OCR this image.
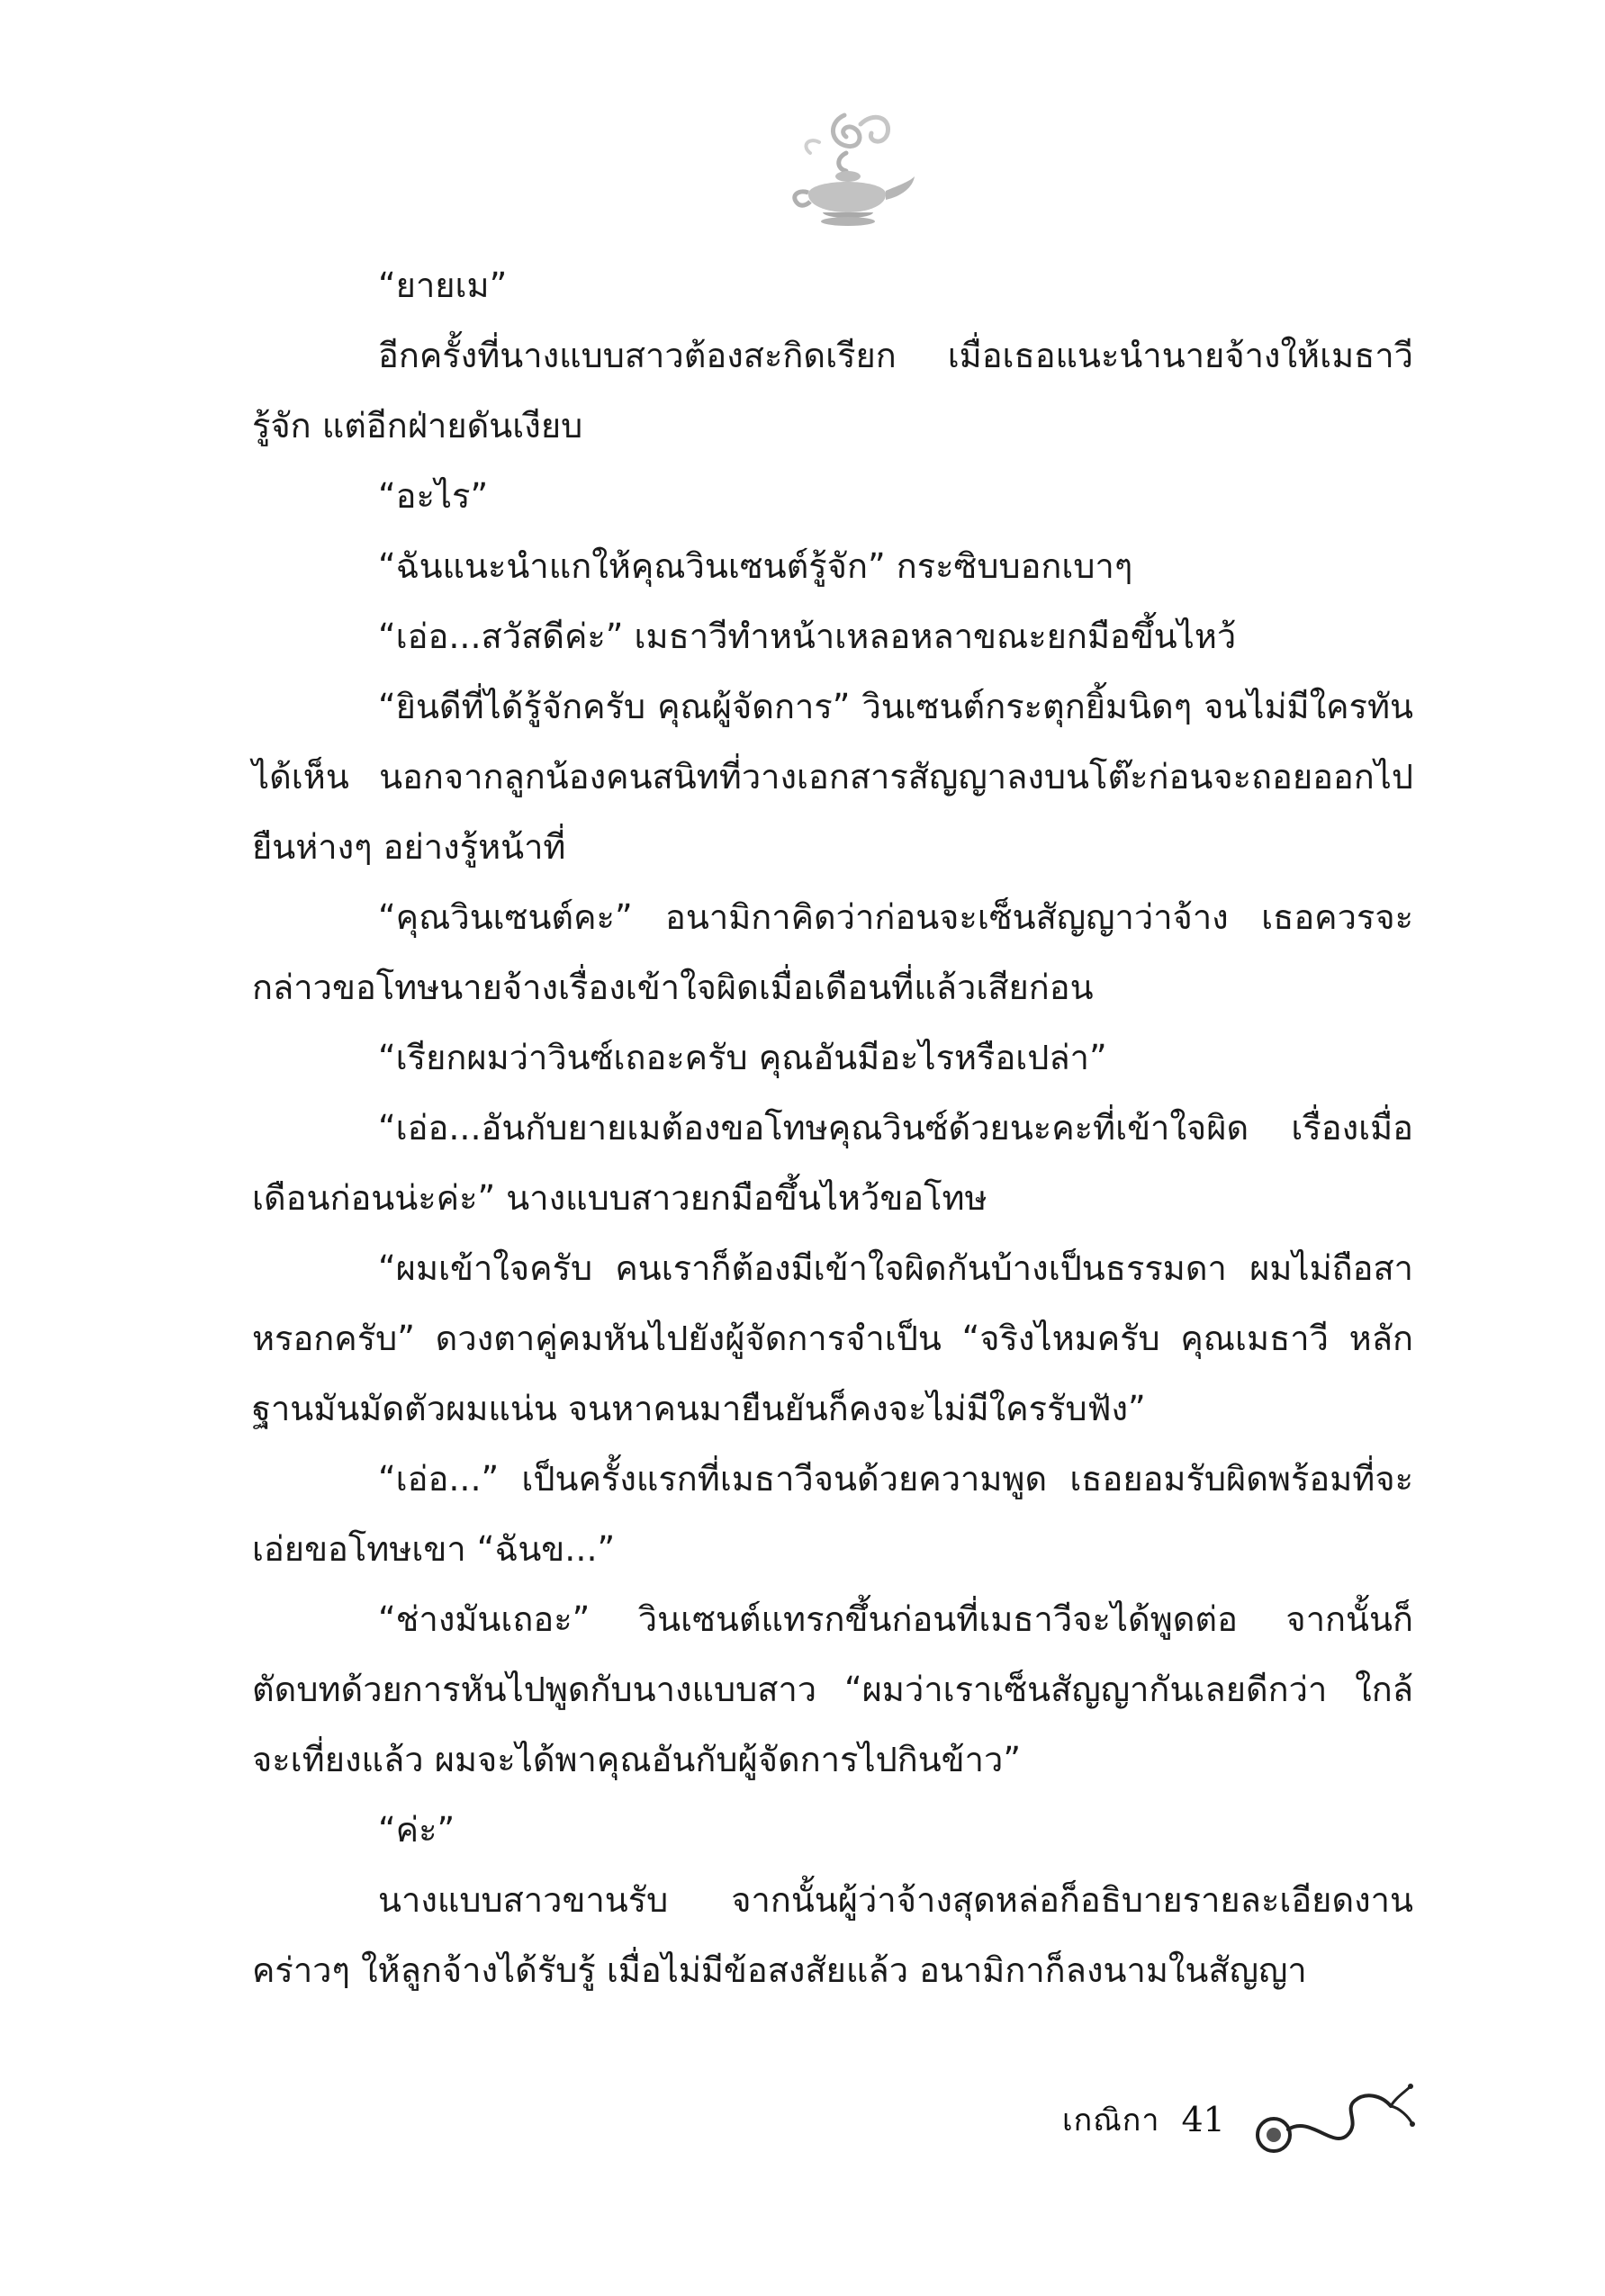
“ยายเม”

อีกครั้งที่นางแบบสาวต้องสะกิดเรียก เมื่อเธอแนะนำนายจ้างให้เมธาวีรู้จัก แต่อีกฝ่ายดันเงียบ

“อะไร”

“ฉันแนะนำแกให้คุณวินเซนต์รู้จัก” กระซิบบอกเบาๆ

“เอ่อ...สวัสดีค่ะ” เมธาวีทำหน้าเหลอหลาขณะยกมือขึ้นไหว้

“ยินดีที่ได้รู้จักครับ คุณผู้จัดการ” วินเซนต์กระตุกยิ้มนิดๆ จนไม่มีใครทันได้เห็น นอกจากลูกน้องคนสนิทที่วางเอกสารสัญญาลงบนโต๊ะก่อนจะถอยออกไปยืนห่างๆ อย่างรู้หน้าที่

“คุณวินเซนต์คะ” อนามิกาคิดว่าก่อนจะเซ็นสัญญาว่าจ้าง เธอควรจะกล่าวขอโทษนายจ้างเรื่องเข้าใจผิดเมื่อเดือนที่แล้วเสียก่อน

“เรียกผมว่าวินซ์เถอะครับ คุณอันมีอะไรหรือเปล่า”

“เอ่อ...อันกับยายเมต้องขอโทษคุณวินซ์ด้วยนะคะที่เข้าใจผิด เรื่องเมื่อเดือนก่อนน่ะค่ะ” นางแบบสาวยกมือขึ้นไหว้ขอโทษ

“ผมเข้าใจครับ คนเราก็ต้องมีเข้าใจผิดกันบ้างเป็นธรรมดา ผมไม่ถือสาหรอกครับ” ดวงตาคู่คมหันไปยังผู้จัดการจำเป็น “จริงไหมครับ คุณเมธาวี หลักฐานมันมัดตัวผมแน่น จนหาคนมายืนยันก็คงจะไม่มีใครรับฟัง”

“เอ่อ...” เป็นครั้งแรกที่เมธาวีจนด้วยความพูด เธอยอมรับผิดพร้อมที่จะเอ่ยขอโทษเขา “ฉันข...”

“ช่างมันเถอะ” วินเซนต์แทรกขึ้นก่อนที่เมธาวีจะได้พูดต่อ จากนั้นก็ตัดบทด้วยการหันไปพูดกับนางแบบสาว “ผมว่าเราเซ็นสัญญากันเลยดีกว่า ใกล้จะเที่ยงแล้ว ผมจะได้พาคุณอันกับผู้จัดการไปกินข้าว”

“ค่ะ”

นางแบบสาวขานรับ จากนั้นผู้ว่าจ้างสุดหล่อก็อธิบายรายละเอียดงานคร่าวๆ ให้ลูกจ้างได้รับรู้ เมื่อไม่มีข้อสงสัยแล้ว อนามิกาก็ลงนามในสัญญา

เกณิกา 41
